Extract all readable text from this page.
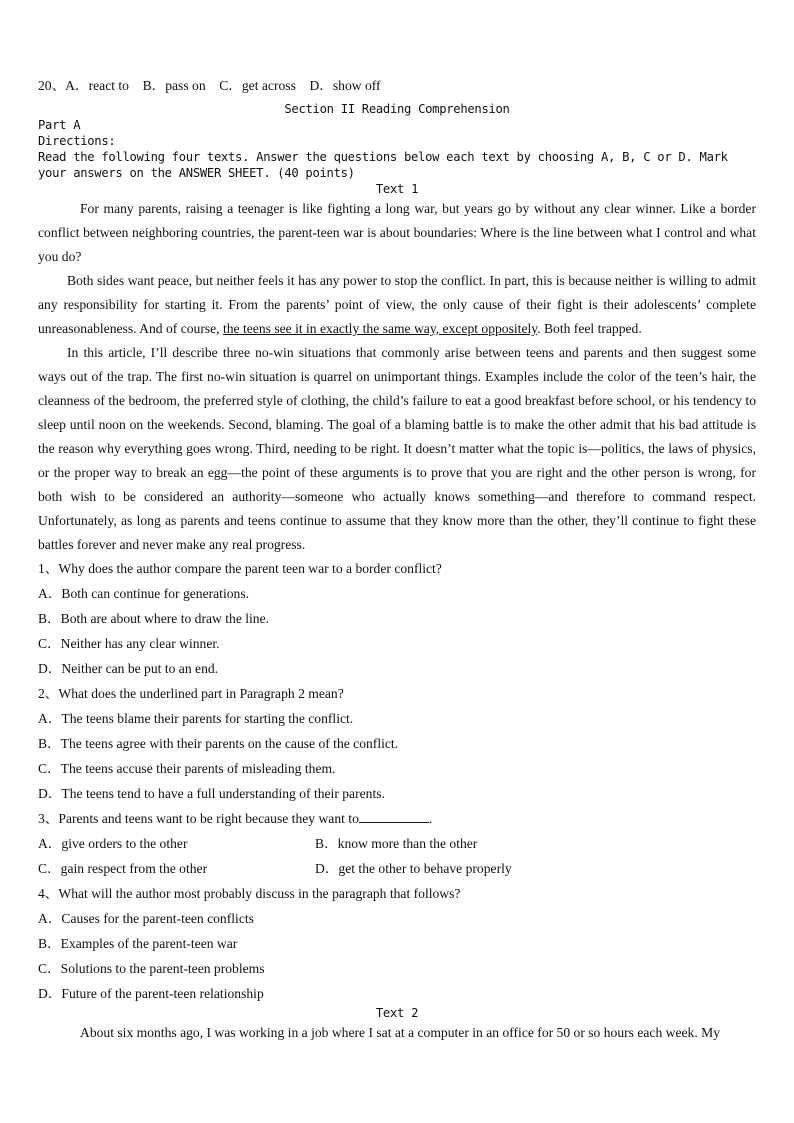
20、A．react to　B．pass on　C．get across　D．show off
Section II Reading Comprehension
Part A
Directions:
Read the following four texts. Answer the questions below each text by choosing A, B, C or D. Mark your answers on the ANSWER SHEET. (40 points)
Text 1

For many parents, raising a teenager is like fighting a long war, but years go by without any clear winner. Like a border conflict between neighboring countries, the parent-teen war is about boundaries: Where is the line between what I control and what you do?

Both sides want peace, but neither feels it has any power to stop the conflict. In part, this is because neither is willing to admit any responsibility for starting it. From the parents’ point of view, the only cause of their fight is their adolescents’ complete unreasonableness. And of course, the teens see it in exactly the same way, except oppositely. Both feel trapped.

In this article, I’ll describe three no-win situations that commonly arise between teens and parents and then suggest some ways out of the trap. The first no-win situation is quarrel on unimportant things. Examples include the color of the teen’s hair, the cleanness of the bedroom, the preferred style of clothing, the child’s failure to eat a good breakfast before school, or his tendency to sleep until noon on the weekends. Second, blaming. The goal of a blaming battle is to make the other admit that his bad attitude is the reason why everything goes wrong. Third, needing to be right. It doesn’t matter what the topic is—politics, the laws of physics, or the proper way to break an egg—the point of these arguments is to prove that you are right and the other person is wrong, for both wish to be considered an authority—someone who actually knows something—and therefore to command respect. Unfortunately, as long as parents and teens continue to assume that they know more than the other, they’ll continue to fight these battles forever and never make any real progress.

1、Why does the author compare the parent teen war to a border conflict?
A．Both can continue for generations.
B．Both are about where to draw the line.
C．Neither has any clear winner.
D．Neither can be put to an end.
2、What does the underlined part in Paragraph 2 mean?
A．The teens blame their parents for starting the conflict.
B．The teens agree with their parents on the cause of the conflict.
C．The teens accuse their parents of misleading them.
D．The teens tend to have a full understanding of their parents.
3、Parents and teens want to be right because they want to	.
A．give orders to the other	B．know more than the other
C．gain respect from the other	D．get the other to behave properly
4、What will the author most probably discuss in the paragraph that follows?
A．Causes for the parent-teen conflicts
B．Examples of the parent-teen war
C．Solutions to the parent-teen problems
D．Future of the parent-teen relationship
Text 2

About six months ago, I was working in a job where I sat at a computer in an office for 50 or so hours each week. My
